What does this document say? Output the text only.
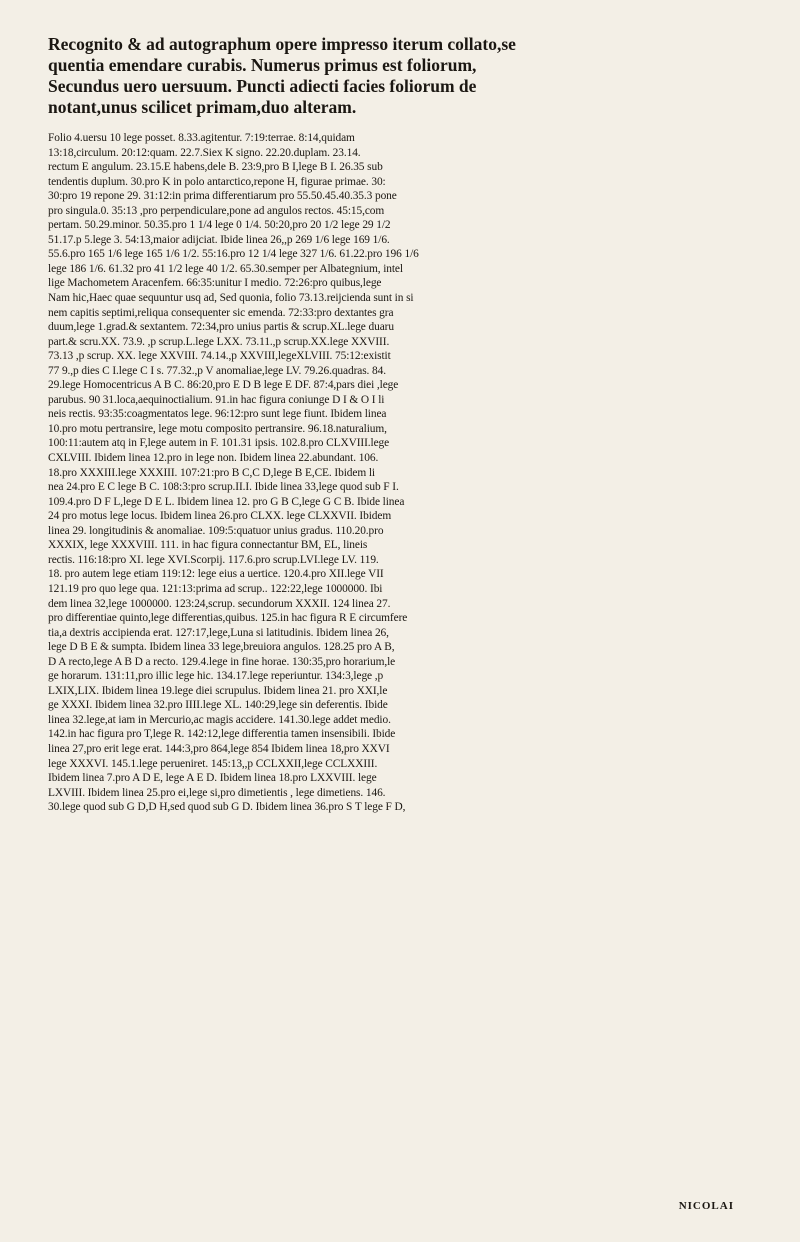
Recognito & ad autographum opere impresso iterum collato,se
quentia emendare curabis. Numerus primus est foliorum,
Secundus uero uersuum. Puncti adiecti facies foliorum de
notant,unus scilicet primam,duo alteram.
Folio 4.uersu 10 lege posset. 8.33.agitentur. 7:19:terrae. 8:14,quidam
13:18,circulum. 20:12:quam. 22.7.Siex K signo. 22.20.duplam. 23.14.
rectum E angulum. 23.15.E habens,dele B. 23:9,pro B I,lege B I. 26.35 sub
tendentis duplum. 30.pro K in polo antarctico,repone H, figurae primae. 30:
30:pro 19 repone 29. 31:12:in prima differentiarum pro 55.50.45.40.35.3 pone
pro singula.0. 35:13 ,pro perpendiculare,pone ad angulos rectos. 45:15,com
pertam. 50.29.minor. 50.35.pro 1 1/4 lege 0 1/4. 50:20,pro 20 1/2 lege 29 1/2
51.17.p 5.lege 3. 54:13,maior adijciat. Ibide linea 26,,p 269 1/6 lege 169 1/6.
55.6.pro 165 1/6 lege 165 1/6 1/2. 55:16.pro 12 1/4 lege 327 1/6. 61.22.pro 196 1/6
lege 186 1/6. 61.32 pro 41 1/2 lege 40 1/2. 65.30.semper per Albategnium, intel
lige Machometem Aracenfem. 66:35:unitur I medio. 72:26:pro quibus,lege
Nam hic,Haec quae sequuntur usq ad, Sed quonia, folio 73.13.reijcienda sunt in si
nem capitis septimi,reliqua consequenter sic emenda. 72:33:pro dextantes gra
duum,lege 1.grad.& sextantem. 72:34,pro unius partis & scrup.XL.lege duaru
part.& scru.XX. 73.9. ,p scrup.L.lege LXX. 73.11.,p scrup.XX.lege XXVIII.
73.13 ,p scrup. XX. lege XXVIII. 74.14.,p XXVIII,legeXLVIII. 75:12:existit
77 9.,p dies C I.lege C I s. 77.32.,p V anomaliae,lege LV. 79.26.quadras. 84.
29.lege Homocentricus A B C. 86:20,pro E D B lege E DF. 87:4,pars diei ,lege
parubus. 90 31.loca,aequinoctialium. 91.in hac figura coniunge D I & O I li
neis rectis. 93:35:coagmentatos lege. 96:12:pro sunt lege fiunt. Ibidem linea
10.pro motu pertransire, lege motu composito pertransire. 96.18.naturalium,
100:11:autem atq in F,lege autem in F. 101.31 ipsis. 102.8.pro CLXVIII.lege
CXLVIII. Ibidem linea 12.pro in lege non. Ibidem linea 22.abundant. 106.
18.pro XXXIII.lege XXXIII. 107:21:pro B C,C D,lege B E,CE. Ibidem li
nea 24.pro E C lege B C. 108:3:pro scrup.II.I. Ibide linea 33,lege quod sub F I.
109.4.pro D F L,lege D E L. Ibidem linea 12. pro G B C,lege G C B. Ibide linea
24 pro motus lege locus. Ibidem linea 26.pro CLXX. lege CLXXVII. Ibidem
linea 29. longitudinis & anomaliae. 109:5:quatuor unius gradus. 110.20.pro
XXXIX, lege XXXVIII. 111. in hac figura connectantur BM, EL, lineis
rectis. 116:18:pro XI. lege XVI.Scorpij. 117.6.pro scrup.LVI.lege LV. 119.
18. pro autem lege etiam 119:12: lege eius a uertice. 120.4.pro XII.lege VII
121.19 pro quo lege qua. 121:13:prima ad scrup.. 122:22,lege 1000000. Ibi
dem linea 32,lege 1000000. 123:24,scrup. secundorum XXXII. 124 linea 27.
pro differentiae quinto,lege differentias,quibus. 125.in hac figura R E circumfere
tia,a dextris accipienda erat. 127:17,lege,Luna si latitudinis. Ibidem linea 26,
lege D B E & sumpta. Ibidem linea 33 lege,breuiora angulos. 128.25 pro A B,
D A recto,lege A B D a recto. 129.4.lege in fine horae. 130:35,pro horarium,le
ge horarum. 131:11,pro illic lege hic. 134.17.lege reperiuntur. 134:3,lege ,p
LXIX,LIX. Ibidem linea 19.lege diei scrupulus. Ibidem linea 21. pro XXI,le
ge XXXI. Ibidem linea 32.pro IIII.lege XL. 140:29,lege sin deferentis. Ibide
linea 32.lege,at iam in Mercurio,ac magis accidere. 141.30.lege addet medio.
142.in hac figura pro T,lege R. 142:12,lege differentia tamen insensibili. Ibide
linea 27,pro erit lege erat. 144:3,pro 864,lege 854 Ibidem linea 18,pro XXVI
lege XXXVI. 145.1.lege perueniret. 145:13,,p CCLXXII,lege CCLXXIII.
Ibidem linea 7.pro A D E, lege A E D. Ibidem linea 18.pro LXXVIII. lege
LXVIII. Ibidem linea 25.pro ei,lege si,pro dimetientis , lege dimetiens. 146.
30.lege quod sub G D,D H,sed quod sub G D. Ibidem linea 36.pro S T lege F D,
NICOLAI
